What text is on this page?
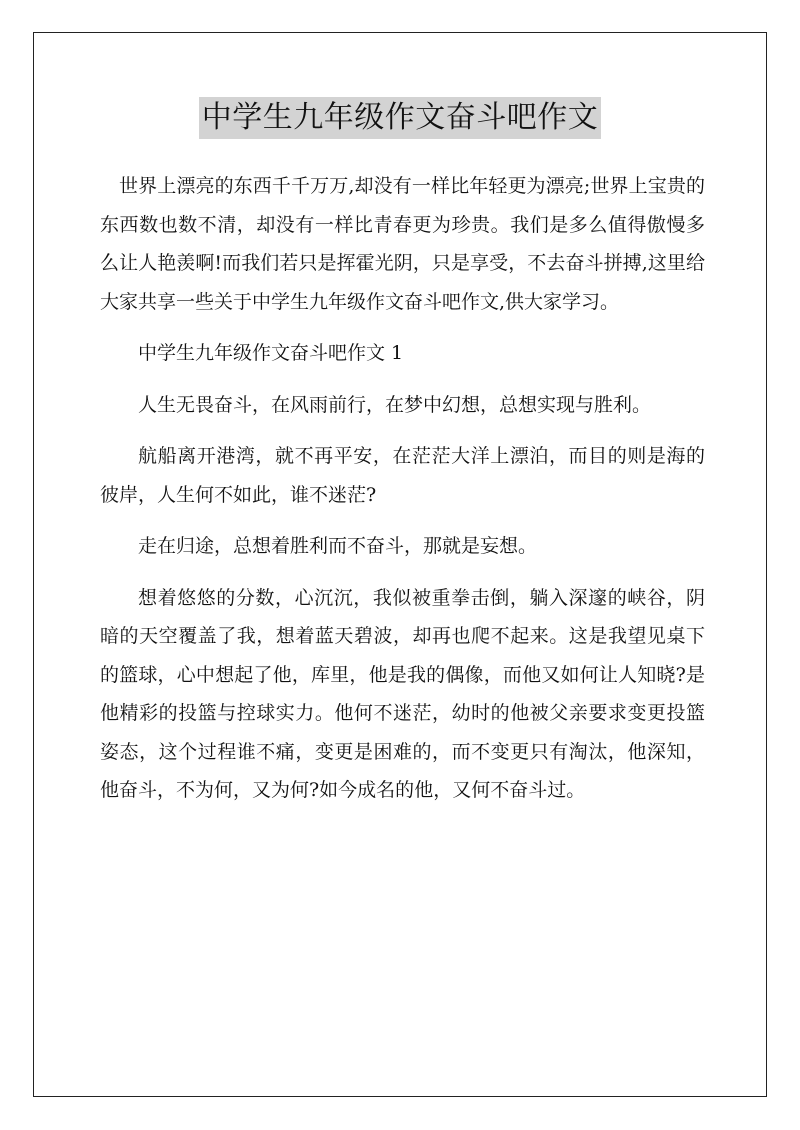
中学生九年级作文奋斗吧作文

世界上漂亮的东西千千万万,却没有一样比年轻更为漂亮;世界上宝贵的东西数也数不清，却没有一样比青春更为珍贵。我们是多么值得傲慢多么让人艳羡啊!而我们若只是挥霍光阴，只是享受，不去奋斗拼搏,这里给大家共享一些关于中学生九年级作文奋斗吧作文,供大家学习。

中学生九年级作文奋斗吧作文 1

人生无畏奋斗，在风雨前行，在梦中幻想，总想实现与胜利。

航船离开港湾，就不再平安，在茫茫大洋上漂泊，而目的则是海的彼岸，人生何不如此，谁不迷茫?

走在归途，总想着胜利而不奋斗，那就是妄想。

想着悠悠的分数，心沉沉，我似被重拳击倒，躺入深邃的峡谷，阴暗的天空覆盖了我，想着蓝天碧波，却再也爬不起来。这是我望见桌下的篮球，心中想起了他，库里，他是我的偶像，而他又如何让人知晓?是他精彩的投篮与控球实力。他何不迷茫，幼时的他被父亲要求变更投篮姿态，这个过程谁不痛，变更是困难的，而不变更只有淘汰，他深知，他奋斗，不为何，又为何?如今成名的他，又何不奋斗过。
